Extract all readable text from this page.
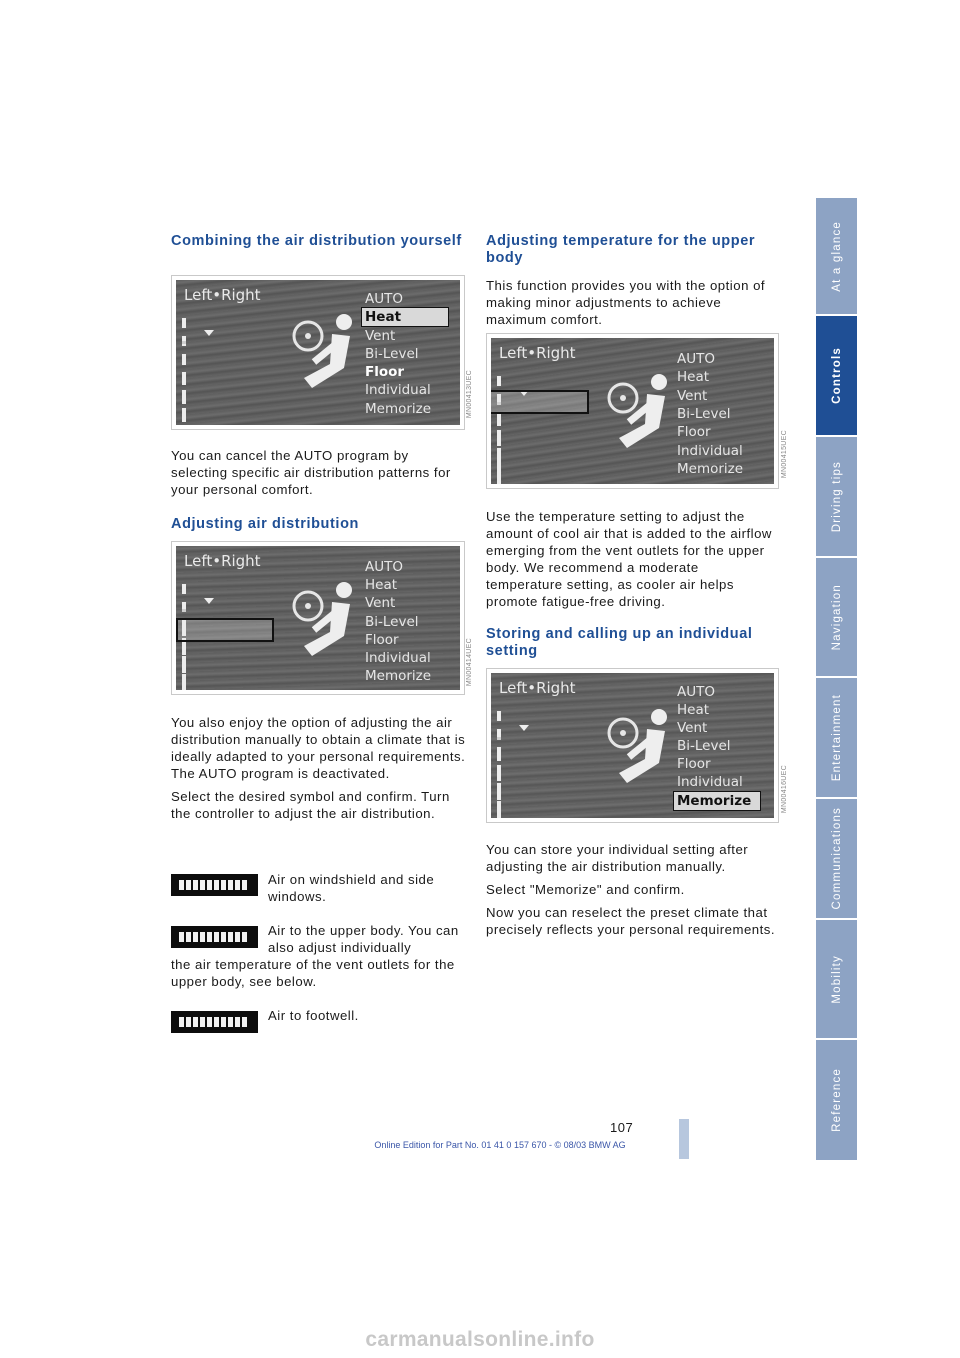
Combining the air distribution yourself
Left•Right	AUTO
Heat
Vent
Bi-Level
Floor
Individual
Memorize	MN00413UEC

You can cancel the AUTO program by selecting specific air distribution patterns for your personal comfort.

Adjusting air distribution
Left•Right	AUTO
Heat
Vent
Bi-Level
Floor
Individual
Memorize	MN00414UEC

You also enjoy the option of adjusting the air distribution manually to obtain a climate that is ideally adapted to your personal requirements. The AUTO program is deactivated.

Select the desired symbol and confirm. Turn the controller to adjust the air distribution.

Air on windshield and side windows.

Air to the upper body. You can also adjust individually

the air temperature of the vent outlets for the upper body, see below.

Air to footwell.

Adjusting temperature for the upper body

This function provides you with the option of making minor adjustments to achieve maximum comfort.

Left•Right	AUTO
Heat
Vent
Bi-Level
Floor
Individual
Memorize	MN00415UEC

Use the temperature setting to adjust the amount of cool air that is added to the airflow emerging from the vent outlets for the upper body. We recommend a moderate temperature setting, as cooler air helps promote fatigue-free driving.

Storing and calling up an individual setting
Left•Right	AUTO
Heat
Vent
Bi-Level
Floor
Individual
Memorize	MN00416UEC

You can store your individual setting after adjusting the air distribution manually.

Select "Memorize" and confirm.

Now you can reselect the preset climate that precisely reflects your personal requirements.

At a glance
Controls
Driving tips
Navigation
Entertainment
Communications
Mobility
Reference
107
Online Edition for Part No. 01 41 0 157 670 - © 08/03 BMW AG
carmanualsonline.info
